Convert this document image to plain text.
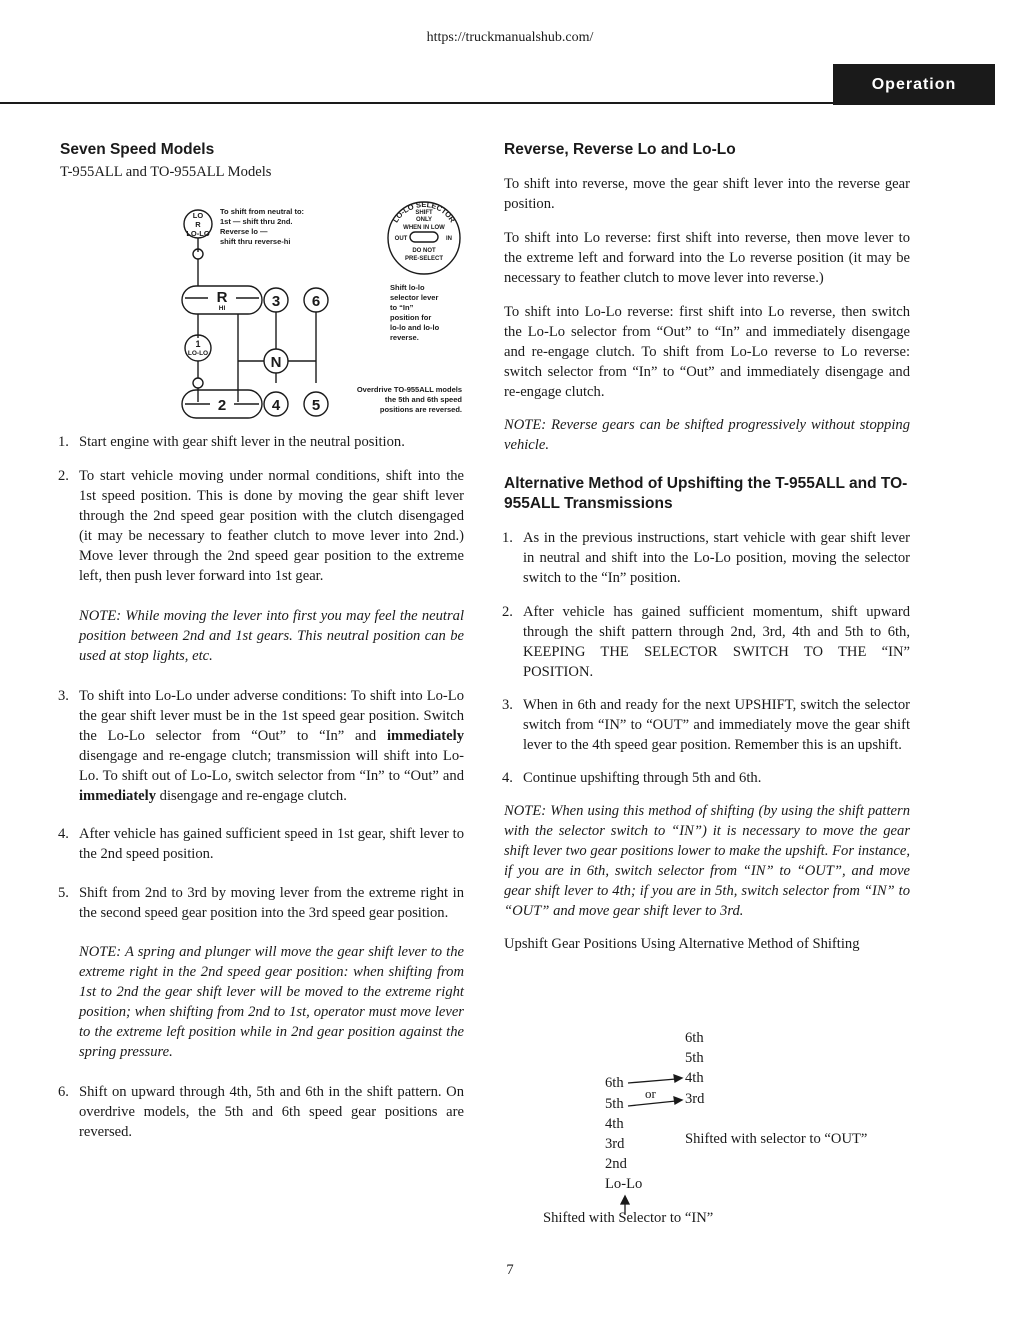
https://truckmanualshub.com/
Operation
Seven Speed Models

T-955ALL and TO-955ALL Models

LO-LO SELECTOR
SHIFT
ONLY
WHEN IN LOW
OUT	IN
DO NOT
PRE-SELECT
LO
R
LO-LO
To shift from neutral to:
1st — shift thru 2nd.
Reverse lo —
shift thru reverse-hi
R	3 6
N
2	4 5
HI
1
LO-LO
Shift lo-lo
selector lever
to “In”
position for
lo-lo and lo-lo
reverse.
Overdrive TO-955ALL models
the 5th and 6th speed
positions are reversed.
1. Start engine with gear shift lever in the neutral position.
2. To start vehicle moving under normal conditions, shift into the 1st speed position. This is done by moving the gear shift lever through the 2nd speed gear position with the clutch disengaged (it may be necessary to feather clutch to move lever into 2nd.) Move lever through the 2nd speed gear position to the extreme left, then push lever forward into 1st gear.

NOTE: While moving the lever into first you may feel the neutral position between 2nd and 1st gears. This neutral position can be used at stop lights, etc.

3. To shift into Lo-Lo under adverse conditions: To shift into Lo-Lo the gear shift lever must be in the 1st speed gear position. Switch the Lo-Lo selector from “Out” to “In” and immediately disengage and re-engage clutch; transmission will shift into Lo-Lo. To shift out of Lo-Lo, switch selector from “In” to “Out” and immediately disengage and re-engage clutch.
4. After vehicle has gained sufficient speed in 1st gear, shift lever to the 2nd speed position.
5. Shift from 2nd to 3rd by moving lever from the extreme right in the second speed gear position into the 3rd speed gear position.

NOTE: A spring and plunger will move the gear shift lever to the extreme right in the 2nd speed gear position: when shifting from 1st to 2nd the gear shift lever will be moved to the extreme right position; when shifting from 2nd to 1st, operator must move lever to the extreme left position while in 2nd gear position against the spring pressure.

6. Shift on upward through 4th, 5th and 6th in the shift pattern. On overdrive models, the 5th and 6th speed gear positions are reversed.
Reverse, Reverse Lo and Lo-Lo

To shift into reverse, move the gear shift lever into the reverse gear position.

To shift into Lo reverse: first shift into reverse, then move lever to the extreme left and forward into the Lo reverse position (it may be necessary to feather clutch to move lever into reverse.)

To shift into Lo-Lo reverse: first shift into Lo reverse, then switch the Lo-Lo selector from “Out” to “In” and immediately disengage and re-engage clutch. To shift from Lo-Lo reverse to Lo reverse: switch selector from “In” to “Out” and immediately disengage and re-engage clutch.

NOTE: Reverse gears can be shifted progressively without stopping vehicle.

Alternative Method of Upshifting the T-955ALL and TO-955ALL Transmissions
1. As in the previous instructions, start vehicle with gear shift lever in neutral and shift into the Lo-Lo position, moving the selector switch to the “In” position.
2. After vehicle has gained sufficient momentum, shift upward through the shift pattern through 2nd, 3rd, 4th and 5th to 6th, KEEPING THE SELECTOR SWITCH TO THE “IN” POSITION.
3. When in 6th and ready for the next UPSHIFT, switch the selector switch from “IN” to “OUT” and immediately move the gear shift lever to the 4th speed gear position. Remember this is an upshift.
4. Continue upshifting through 5th and 6th.

NOTE: When using this method of shifting (by using the shift pattern with the selector switch to “IN”) it is necessary to move the gear shift lever two gear positions lower to make the upshift. For instance, if you are in 6th, switch selector from “IN” to “OUT”, and move gear shift lever to 4th; if you are in 5th, switch selector from “IN” to “OUT” and move gear shift lever to 3rd.

Upshift Gear Positions Using Alternative Method of Shifting

6th
5th
4th
3rd
or
6th
5th
4th
3rd
2nd
Lo-Lo
Shifted with selector to “OUT”
Shifted with Selector to “IN”
7
